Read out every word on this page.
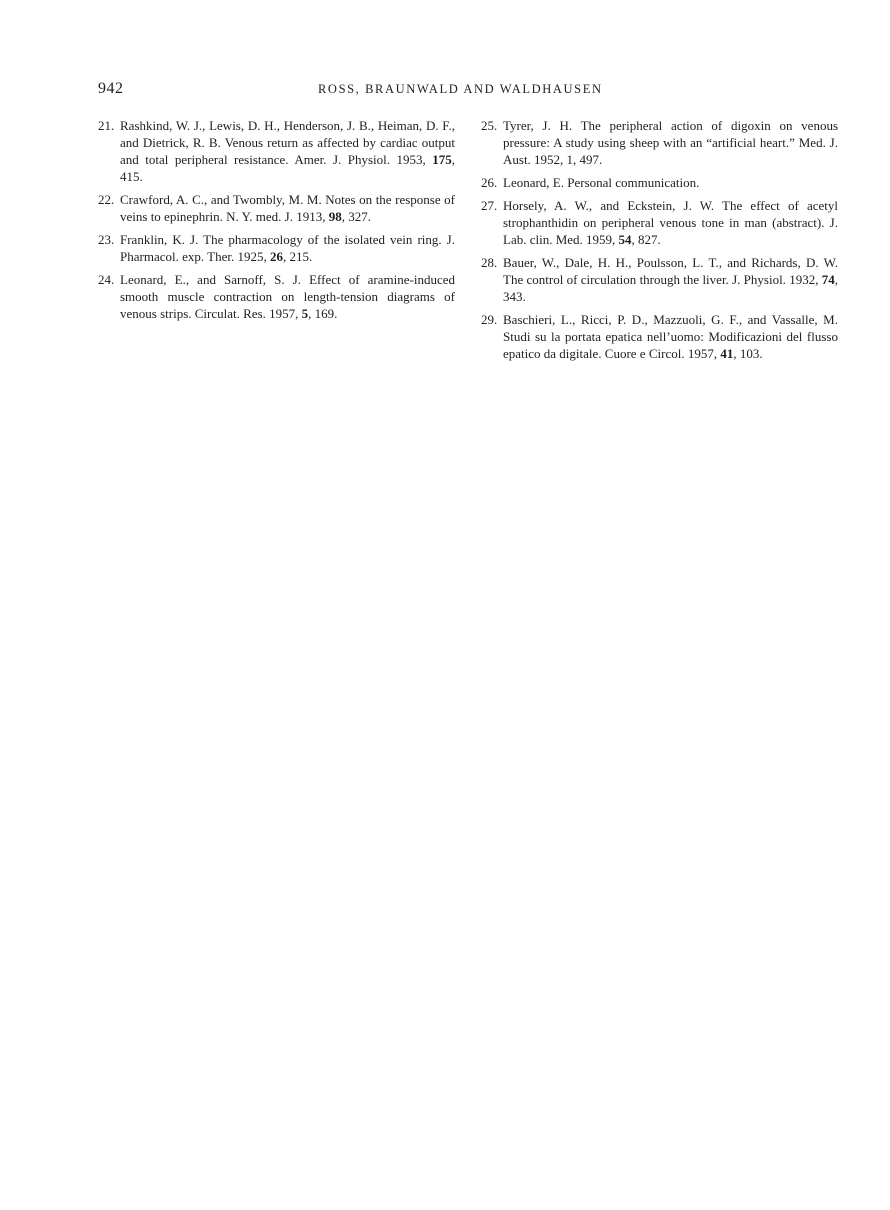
942	ROSS, BRAUNWALD AND WALDHAUSEN
21. Rashkind, W. J., Lewis, D. H., Henderson, J. B., Heiman, D. F., and Dietrick, R. B. Venous return as affected by cardiac output and total peripheral resistance. Amer. J. Physiol. 1953, 175, 415.
22. Crawford, A. C., and Twombly, M. M. Notes on the response of veins to epinephrin. N. Y. med. J. 1913, 98, 327.
23. Franklin, K. J. The pharmacology of the isolated vein ring. J. Pharmacol. exp. Ther. 1925, 26, 215.
24. Leonard, E., and Sarnoff, S. J. Effect of aramine-induced smooth muscle contraction on length-tension diagrams of venous strips. Circulat. Res. 1957, 5, 169.
25. Tyrer, J. H. The peripheral action of digoxin on venous pressure: A study using sheep with an “artificial heart.” Med. J. Aust. 1952, 1, 497.
26. Leonard, E. Personal communication.
27. Horsely, A. W., and Eckstein, J. W. The effect of acetyl strophanthidin on peripheral venous tone in man (abstract). J. Lab. clin. Med. 1959, 54, 827.
28. Bauer, W., Dale, H. H., Poulsson, L. T., and Richards, D. W. The control of circulation through the liver. J. Physiol. 1932, 74, 343.
29. Baschieri, L., Ricci, P. D., Mazzuoli, G. F., and Vassalle, M. Studi su la portata epatica nell’uomo: Modificazioni del flusso epatico da digitale. Cuore e Circol. 1957, 41, 103.
